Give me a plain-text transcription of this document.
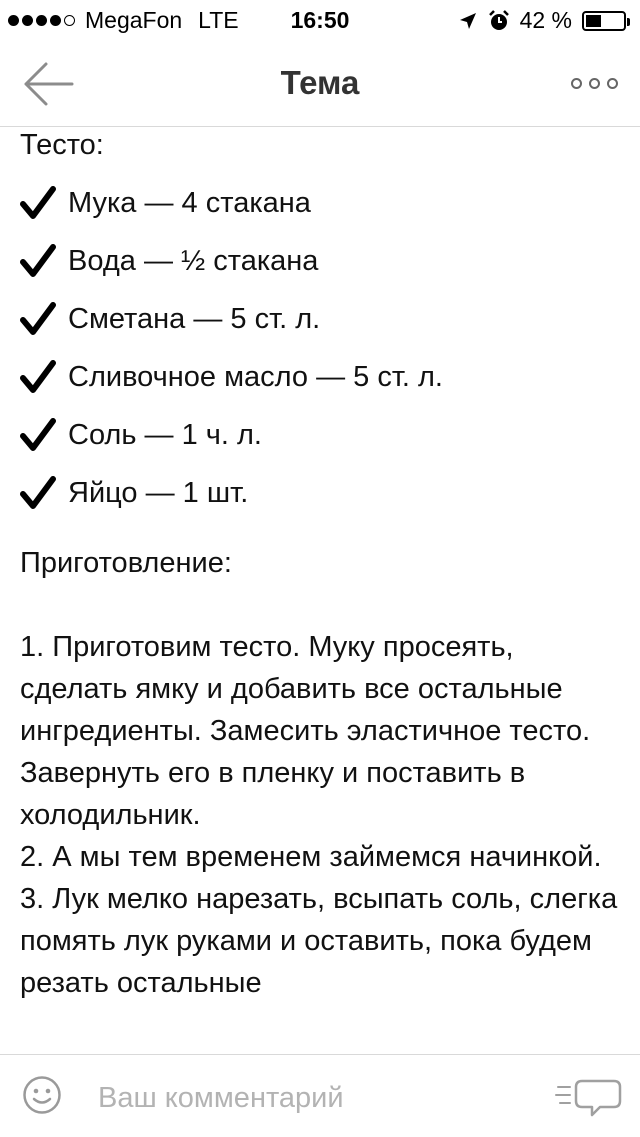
MegaFon LTE	16:50	42 %
Тема
Тесто:
Мука — 4 стакана
Вода — ½ стакана
Сметана — 5 ст. л.
Сливочное масло — 5 ст. л.
Соль — 1 ч. л.
Яйцо — 1 шт.
Приготовление:

1. Приготовим тесто. Муку просеять, сделать ямку и добавить все остальные ингредиенты. Замесить эластичное тесто. Завернуть его в пленку и поставить в холодильник.

2. А мы тем временем займемся начинкой.

3. Лук мелко нарезать, всыпать соль, слегка помять лук руками и оставить, пока будем резать остальные

Ваш комментарий
